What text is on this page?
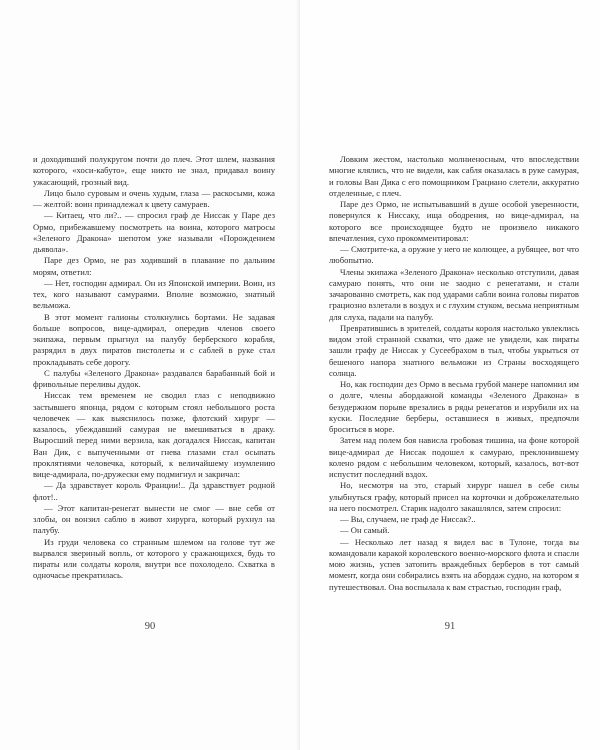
и доходивший полукругом почти до плеч. Этот шлем, названия которого, «хоси-кабуто», еще никто не знал, придавал воину ужасающий, грозный вид.

Лицо было суровым и очень худым, глаза — раскосыми, кожа — желтой: воин принадлежал к цвету самураев.

— Китаец, что ли?.. — спросил граф де Ниссак у Паре дез Ормо, прибежавшему посмотреть на воина, которого матросы «Зеленого Дракона» шепотом уже называли «Порождением дьявола».

Паре дез Ормо, не раз ходивший в плавание по дальним морям, ответил:

— Нет, господин адмирал. Он из Японской империи. Воин, из тех, кого называют самураями. Вполне возможно, знатный вельможа.

В этот момент галионы столкнулись бортами. Не задавая больше вопросов, вице-адмирал, опередив членов своего экипажа, первым прыгнул на палубу берберского корабля, разрядил в двух пиратов пистолеты и с саблей в руке стал прокладывать себе дорогу.

С палубы «Зеленого Дракона» раздавался барабанный бой и фривольные переливы дудок.

Ниссак тем временем не сводил глаз с неподвижно застывшего японца, рядом с которым стоял небольшого роста человечек — как выяснилось позже, флотский хирург — казалось, убеждавший самурая не вмешиваться в драку. Выросший перед ними верзила, как догадался Ниссак, капитан Ван Дик, с выпученными от гнева глазами стал осыпать проклятиями человечка, который, к величайшему изумлению вице-адмирала, по-дружески ему подмигнул и закричал:

— Да здравствует король Франции!.. Да здравствует родной флот!..

— Этот капитан-ренегат вынести не смог — вне себя от злобы, он вонзил саблю в живот хирурга, который рухнул на палубу.

Из груди человека со странным шлемом на голове тут же вырвался звериный вопль, от которого у сражающихся, будь то пираты или солдаты короля, внутри все похолодело. Схватка в одночасье прекратилась.

90

Ловким жестом, настолько молниеносным, что впоследствии многие клялись, что не видели, как сабля оказалась в руке самурая, и головы Ван Дика с его помощником Грациано слетели, аккуратно отделенные, с плеч.

Паре дез Ормо, не испытывавший в душе особой уверенности, повернулся к Ниссаку, ища ободрения, но вице-адмирал, на которого все происходящее будто не произвело никакого впечатления, сухо прокомментировал:

— Смотрите-ка, а оружие у него не колющее, а рубящее, вот что любопытно.

Члены экипажа «Зеленого Дракона» несколько отступили, давая самураю понять, что они не заодно с ренегатами, и стали зачарованно смотреть, как под ударами сабли воина головы пиратов грациозно взлетали в воздух и с глухим стуком, весьма неприятным для слуха, падали на палубу.

Превратившись в зрителей, солдаты короля настолько увлеклись видом этой странной схватки, что даже не увидели, как пираты зашли графу де Ниссак у Сусеебрахом в тыл, чтобы укрыться от бешеного напора знатного вельможи из Страны восходящего солнца.

Но, как господин дез Ормо в весьма грубой манере напомнил им о долге, члены абордажной команды «Зеленого Дракона» в безудержном порыве врезались в ряды ренегатов и изрубили их на куски. Последние берберы, оставшиеся в живых, предпочли броситься в море.

Затем над полем боя нависла гробовая тишина, на фоне которой вице-адмирал де Ниссак подошел к самураю, преклонившему колено рядом с небольшим человеком, который, казалось, вот-вот испустит последний вздох.

Но, несмотря на это, старый хирург нашел в себе силы улыбнуться графу, который присел на корточки и доброжелательно на него посмотрел. Старик надолго закашлялся, затем спросил:

— Вы, случаем, не граф де Ниссак?..

— Он самый.

— Несколько лет назад я видел вас в Тулоне, тогда вы командовали каракой королевского военно-морского флота и спасли мою жизнь, успев затопить враждебных берберов в тот самый момент, когда они собирались взять на абордаж судно, на котором я путешествовал. Она воспылала к вам страстью, господин граф,

91
